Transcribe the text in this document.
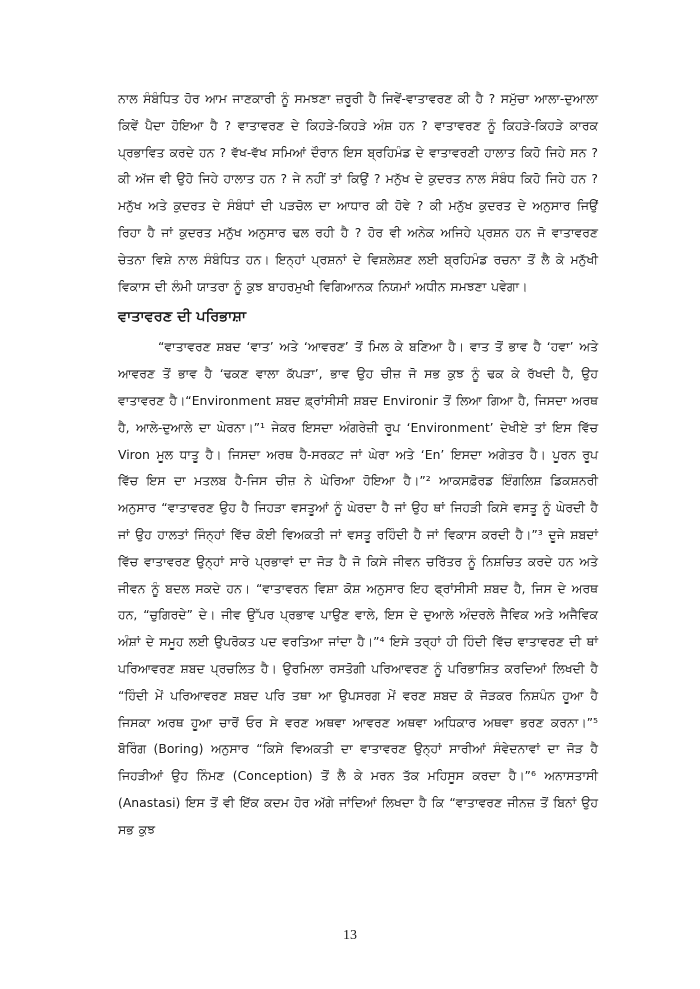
ਨਾਲ ਸੰਬੰਧਿਤ ਹੋਰ ਆਮ ਜਾਣਕਾਰੀ ਨੂੰ ਸਮਝਣਾ ਜ਼ਰੂਰੀ ਹੈ ਜਿਵੇਂ-ਵਾਤਾਵਰਣ ਕੀ ਹੈ ? ਸਮੁੱਚਾ ਆਲਾ-ਦੁਆਲਾ ਕਿਵੇਂ ਪੈਦਾ ਹੋਇਆ ਹੈ ? ਵਾਤਾਵਰਣ ਦੇ ਕਿਹੜੇ-ਕਿਹੜੇ ਅੰਸ਼ ਹਨ ? ਵਾਤਾਵਰਣ ਨੂੰ ਕਿਹੜੇ-ਕਿਹੜੇ ਕਾਰਕ ਪ੍ਰਭਾਵਿਤ ਕਰਦੇ ਹਨ ? ਵੱਖ-ਵੱਖ ਸਮਿਆਂ ਦੌਰਾਨ ਇਸ ਬ੍ਰਹਿਮੰਡ ਦੇ ਵਾਤਾਵਰਣੀ ਹਾਲਾਤ ਕਿਹੋ ਜਿਹੇ ਸਨ ? ਕੀ ਅੱਜ ਵੀ ਉਹੋ ਜਿਹੇ ਹਾਲਾਤ ਹਨ ? ਜੇ ਨਹੀਂ ਤਾਂ ਕਿਉਂ ? ਮਨੁੱਖ ਦੇ ਕੁਦਰਤ ਨਾਲ ਸੰਬੰਧ ਕਿਹੋ ਜਿਹੇ ਹਨ ? ਮਨੁੱਖ ਅਤੇ ਕੁਦਰਤ ਦੇ ਸੰਬੰਧਾਂ ਦੀ ਪੜਚੋਲ ਦਾ ਆਧਾਰ ਕੀ ਹੋਵੇ ? ਕੀ ਮਨੁੱਖ ਕੁਦਰਤ ਦੇ ਅਨੁਸਾਰ ਜਿਉਂ ਰਿਹਾ ਹੈ ਜਾਂ ਕੁਦਰਤ ਮਨੁੱਖ ਅਨੁਸਾਰ ਢਲ ਰਹੀ ਹੈ ? ਹੋਰ ਵੀ ਅਨੇਕ ਅਜਿਹੇ ਪ੍ਰਸ਼ਨ ਹਨ ਜੋ ਵਾਤਾਵਰਣ ਚੇਤਨਾ ਵਿਸ਼ੇ ਨਾਲ ਸੰਬੰਧਿਤ ਹਨ। ਇਨ੍ਹਾਂ ਪ੍ਰਸ਼ਨਾਂ ਦੇ ਵਿਸ਼ਲੇਸ਼ਣ ਲਈ ਬ੍ਰਹਿਮੰਡ ਰਚਨਾ ਤੋਂ ਲੈ ਕੇ ਮਨੁੱਖੀ ਵਿਕਾਸ ਦੀ ਲੰਮੀ ਯਾਤਰਾ ਨੂੰ ਕੁਝ ਬਾਹਰਮੁਖੀ ਵਿਗਿਆਨਕ ਨਿਯਮਾਂ ਅਧੀਨ ਸਮਝਣਾ ਪਵੇਗਾ।

ਵਾਤਾਵਰਣ ਦੀ ਪਰਿਭਾਸ਼ਾ

“ਵਾਤਾਵਰਣ ਸ਼ਬਦ ‘ਵਾਤ’ ਅਤੇ ‘ਆਵਰਣ’ ਤੋਂ ਮਿਲ ਕੇ ਬਣਿਆ ਹੈ। ਵਾਤ ਤੋਂ ਭਾਵ ਹੈ ‘ਹਵਾ’ ਅਤੇ ਆਵਰਣ ਤੋਂ ਭਾਵ ਹੈ ‘ਢਕਣ ਵਾਲਾ ਕੱਪੜਾ’, ਭਾਵ ਉਹ ਚੀਜ਼ ਜੋ ਸਭ ਕੁਝ ਨੂੰ ਢਕ ਕੇ ਰੱਖਦੀ ਹੈ, ਉਹ ਵਾਤਾਵਰਣ ਹੈ।“Environment ਸ਼ਬਦ ਫ਼੍ਰਾਂਸੀਸੀ ਸ਼ਬਦ Environir ਤੋਂ ਲਿਆ ਗਿਆ ਹੈ, ਜਿਸਦਾ ਅਰਥ ਹੈ, ਆਲੇ-ਦੁਆਲੇ ਦਾ ਘੇਰਨਾ।”¹ ਜੇਕਰ ਇਸਦਾ ਅੰਗਰੇਜ਼ੀ ਰੂਪ ‘Environment’ ਦੇਖੀਏ ਤਾਂ ਇਸ ਵਿੱਚ Viron ਮੂਲ ਧਾਤੂ ਹੈ। ਜਿਸਦਾ ਅਰਥ ਹੈ-ਸਰਕਟ ਜਾਂ ਘੇਰਾ ਅਤੇ ‘En’ ਇਸਦਾ ਅਗੇਤਰ ਹੈ। ਪੂਰਨ ਰੂਪ ਵਿੱਚ ਇਸ ਦਾ ਮਤਲਬ ਹੈ-ਜਿਸ ਚੀਜ਼ ਨੇ ਘੇਰਿਆ ਹੋਇਆ ਹੈ।”² ਆਕਸਫ਼ੋਰਡ ਇੰਗਲਿਸ਼ ਡਿਕਸ਼ਨਰੀ ਅਨੁਸਾਰ “ਵਾਤਾਵਰਣ ਉਹ ਹੈ ਜਿਹੜਾ ਵਸਤੂਆਂ ਨੂੰ ਘੇਰਦਾ ਹੈ ਜਾਂ ਉਹ ਥਾਂ ਜਿਹੜੀ ਕਿਸੇ ਵਸਤੂ ਨੂੰ ਘੇਰਦੀ ਹੈ ਜਾਂ ਉਹ ਹਾਲਤਾਂ ਜਿੰਨ੍ਹਾਂ ਵਿੱਚ ਕੋਈ ਵਿਅਕਤੀ ਜਾਂ ਵਸਤੂ ਰਹਿੰਦੀ ਹੈ ਜਾਂ ਵਿਕਾਸ ਕਰਦੀ ਹੈ।”³ ਦੂਜੇ ਸ਼ਬਦਾਂ ਵਿੱਚ ਵਾਤਾਵਰਣ ਉਨ੍ਹਾਂ ਸਾਰੇ ਪ੍ਰਭਾਵਾਂ ਦਾ ਜੋੜ ਹੈ ਜੋ ਕਿਸੇ ਜੀਵਨ ਚਰਿੱਤਰ ਨੂੰ ਨਿਸ਼ਚਿਤ ਕਰਦੇ ਹਨ ਅਤੇ ਜੀਵਨ ਨੂੰ ਬਦਲ ਸਕਦੇ ਹਨ। “ਵਾਤਾਵਰਨ ਵਿਸ਼ਾ ਕੋਸ਼ ਅਨੁਸਾਰ ਇਹ ਫ੍ਰਾਂਸੀਸੀ ਸ਼ਬਦ ਹੈ, ਜਿਸ ਦੇ ਅਰਥ ਹਨ, “ਚੁਗਿਰਦੇ” ਦੇ। ਜੀਵ ਉੱਪਰ ਪ੍ਰਭਾਵ ਪਾਉਣ ਵਾਲੇ, ਇਸ ਦੇ ਦੁਆਲੇ ਅੰਦਰਲੇ ਜੈਵਿਕ ਅਤੇ ਅਜੈਵਿਕ ਅੰਸ਼ਾਂ ਦੇ ਸਮੂਹ ਲਈ ਉਪਰੋਕਤ ਪਦ ਵਰਤਿਆ ਜਾਂਦਾ ਹੈ।”⁴ ਇਸੇ ਤਰ੍ਹਾਂ ਹੀ ਹਿੰਦੀ ਵਿੱਚ ਵਾਤਾਵਰਣ ਦੀ ਥਾਂ ਪਰਿਆਵਰਣ ਸ਼ਬਦ ਪ੍ਰਚਲਿਤ ਹੈ। ਉਰਮਿਲਾ ਰਸਤੋਗੀ ਪਰਿਆਵਰਣ ਨੂੰ ਪਰਿਭਾਸ਼ਿਤ ਕਰਦਿਆਂ ਲਿਖਦੀ ਹੈ “ਹਿੰਦੀ ਮੇਂ ਪਰਿਆਵਰਣ ਸ਼ਬਦ ਪਰਿ ਤਥਾ ਆ ਉਪਸਰਗ ਮੇਂ ਵਰਣ ਸ਼ਬਦ ਕੋ ਜੋੜਕਰ ਨਿਸ਼ਪੰਨ ਹੂਆ ਹੈ ਜਿਸਕਾ ਅਰਥ ਹੂਆ ਚਾਰੋਂ ਓਰ ਸੇ ਵਰਣ ਅਥਵਾ ਆਵਰਣ ਅਥਵਾ ਅਧਿਕਾਰ ਅਥਵਾ ਭਰਣ ਕਰਨਾ।”⁵ ਬੋਰਿੰਗ (Boring) ਅਨੁਸਾਰ “ਕਿਸੇ ਵਿਅਕਤੀ ਦਾ ਵਾਤਾਵਰਣ ਉਨ੍ਹਾਂ ਸਾਰੀਆਂ ਸੰਵੇਦਨਾਵਾਂ ਦਾ ਜੋੜ ਹੈ ਜਿਹੜੀਆਂ ਉਹ ਨਿੰਮਣ (Conception) ਤੋਂ ਲੈ ਕੇ ਮਰਨ ਤੱਕ ਮਹਿਸੂਸ ਕਰਦਾ ਹੈ।”⁶ ਅਨਾਸਤਾਸੀ (Anastasi) ਇਸ ਤੋਂ ਵੀ ਇੱਕ ਕਦਮ ਹੋਰ ਅੱਗੇ ਜਾਂਦਿਆਂ ਲਿਖਦਾ ਹੈ ਕਿ “ਵਾਤਾਵਰਣ ਜੀਨਜ਼ ਤੋਂ ਬਿਨਾਂ ਉਹ ਸਭ ਕੁਝ

13
